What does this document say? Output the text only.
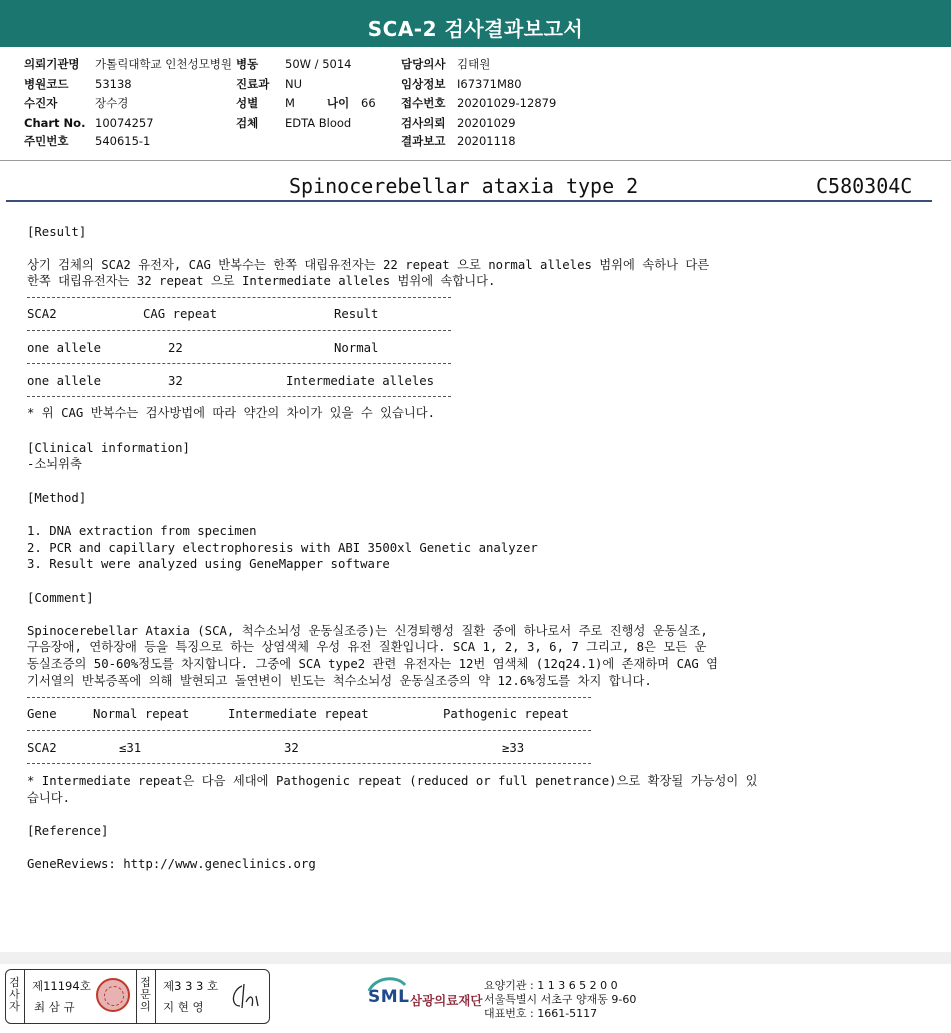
SCA-2 검사결과보고서
의뢰기관명 가톨릭대학교 인천성모병원 병동 50W / 5014	담당의사 김태원
병원코드 53138	진료과 NU	임상정보 I67371M80
수진자	장수경	성별 M	나이 66 접수번호 20201029-12879
Chart No. 10074257	검체 EDTA Blood	검사의뢰 20201029
주민번호 540615-1	결과보고 20201118
Spinocerebellar ataxia type 2	C580304C
[Result]
상기 검체의 SCA2 유전자, CAG 반복수는 한쪽 대립유전자는 22 repeat 으로 normal alleles 범위에 속하나 다른
한쪽 대립유전자는 32 repeat 으로 Intermediate alleles 범위에 속합니다.
SCA2	CAG repeat	Result
one allele	22	Normal
one allele	32	Intermediate alleles
* 위 CAG 반복수는 검사방법에 따라 약간의 차이가 있을 수 있습니다.
[Clinical information]
-소뇌위축
[Method]
1. DNA extraction from specimen
2. PCR and capillary electrophoresis with ABI 3500xl Genetic analyzer
3. Result were analyzed using GeneMapper software
[Comment]
Spinocerebellar Ataxia (SCA, 척수소뇌성 운동실조증)는 신경퇴행성 질환 중에 하나로서 주로 진행성 운동실조,
구음장애, 연하장애 등을 특징으로 하는 상염색체 우성 유전 질환입니다. SCA 1, 2, 3, 6, 7 그리고, 8은 모든 운
동실조증의 50-60%정도를 차지합니다. 그중에 SCA type2 관련 유전자는 12번 염색체 (12q24.1)에 존재하며 CAG 염
기서열의 반복증폭에 의해 발현되고 돌연변이 빈도는 척수소뇌성 운동실조증의 약 12.6%정도를 차지 합니다.
Gene	Normal repeat	Intermediate repeat	Pathogenic repeat
SCA2	≤31	32	≥33
* Intermediate repeat은 다음 세대에 Pathogenic repeat (reduced or full penetrance)으로 확장될 가능성이 있
습니다.
[Reference]
GeneReviews: http://www.geneclinics.org
검
사
자
제11194호
최 삼 규
접
문
의
제3 3 3 호
지 현 영	SML 삼광의료재단
요양기관 : 1 1 3 6 5 2 0 0
서울특별시 서초구 양재동 9-60
대표번호 : 1661-5117
